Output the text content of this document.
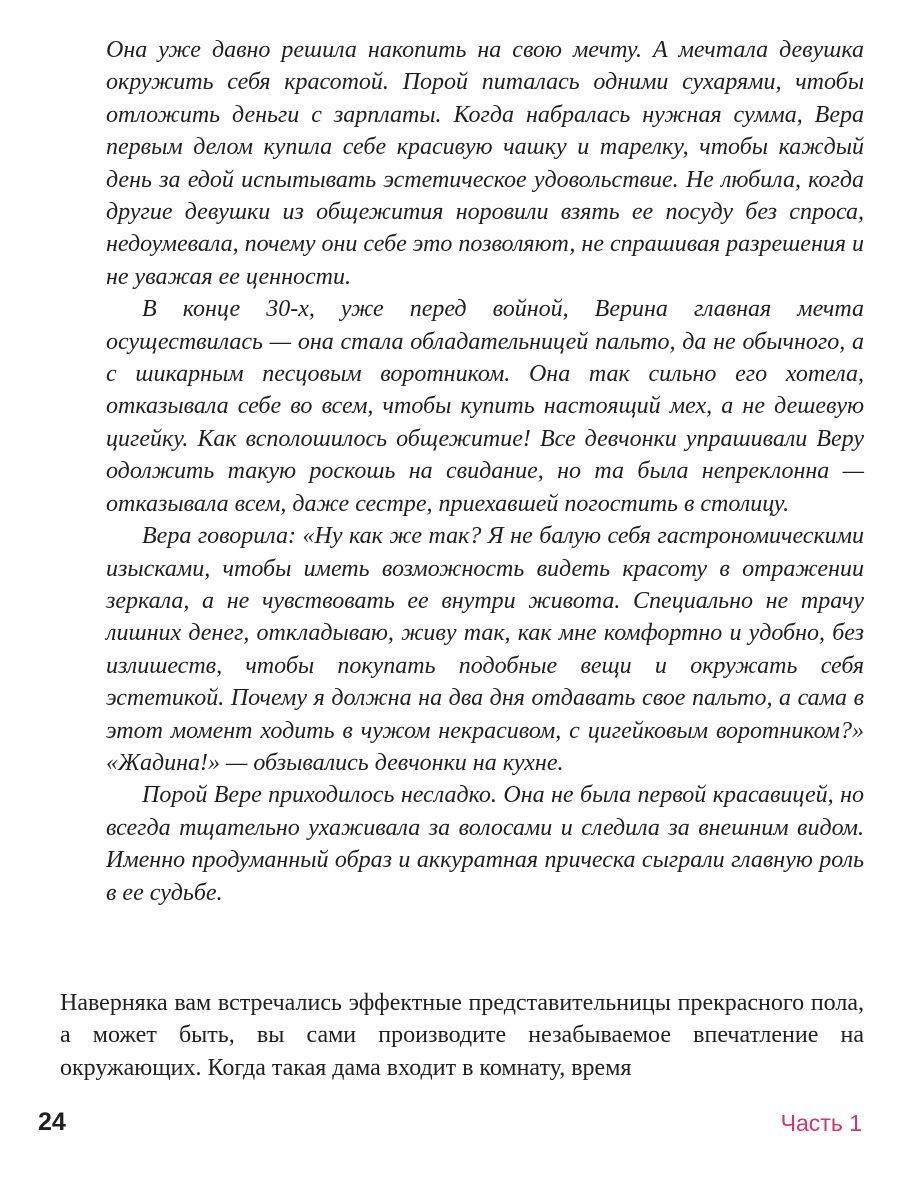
Она уже давно решила накопить на свою мечту. А мечтала девушка окружить себя красотой. Порой питалась одними сухарями, чтобы отложить деньги с зарплаты. Когда набралась нужная сумма, Вера первым делом купила себе красивую чашку и тарелку, чтобы каждый день за едой испытывать эстетическое удовольствие. Не любила, когда другие девушки из общежития норовили взять ее посуду без спроса, недоумевала, почему они себе это позволяют, не спрашивая разрешения и не уважая ее ценности.

В конце 30-х, уже перед войной, Верина главная мечта осуществилась — она стала обладательницей пальто, да не обычного, а с шикарным песцовым воротником. Она так сильно его хотела, отказывала себе во всем, чтобы купить настоящий мех, а не дешевую цигейку. Как всполошилось общежитие! Все девчонки упрашивали Веру одолжить такую роскошь на свидание, но та была непреклонна — отказывала всем, даже сестре, приехавшей погостить в столицу.

Вера говорила: «Ну как же так? Я не балую себя гастрономическими изысками, чтобы иметь возможность видеть красоту в отражении зеркала, а не чувствовать ее внутри живота. Специально не трачу лишних денег, откладываю, живу так, как мне комфортно и удобно, без излишеств, чтобы покупать подобные вещи и окружать себя эстетикой. Почему я должна на два дня отдавать свое пальто, а сама в этот момент ходить в чужом некрасивом, с цигейковым воротником?» «Жадина!» — обзывались девчонки на кухне.

Порой Вере приходилось несладко. Она не была первой красавицей, но всегда тщательно ухаживала за волосами и следила за внешним видом. Именно продуманный образ и аккуратная прическа сыграли главную роль в ее судьбе.

Наверняка вам встречались эффектные представительницы прекрасного пола, а может быть, вы сами производите незабываемое впечатление на окружающих. Когда такая дама входит в комнату, время

24	Часть 1
